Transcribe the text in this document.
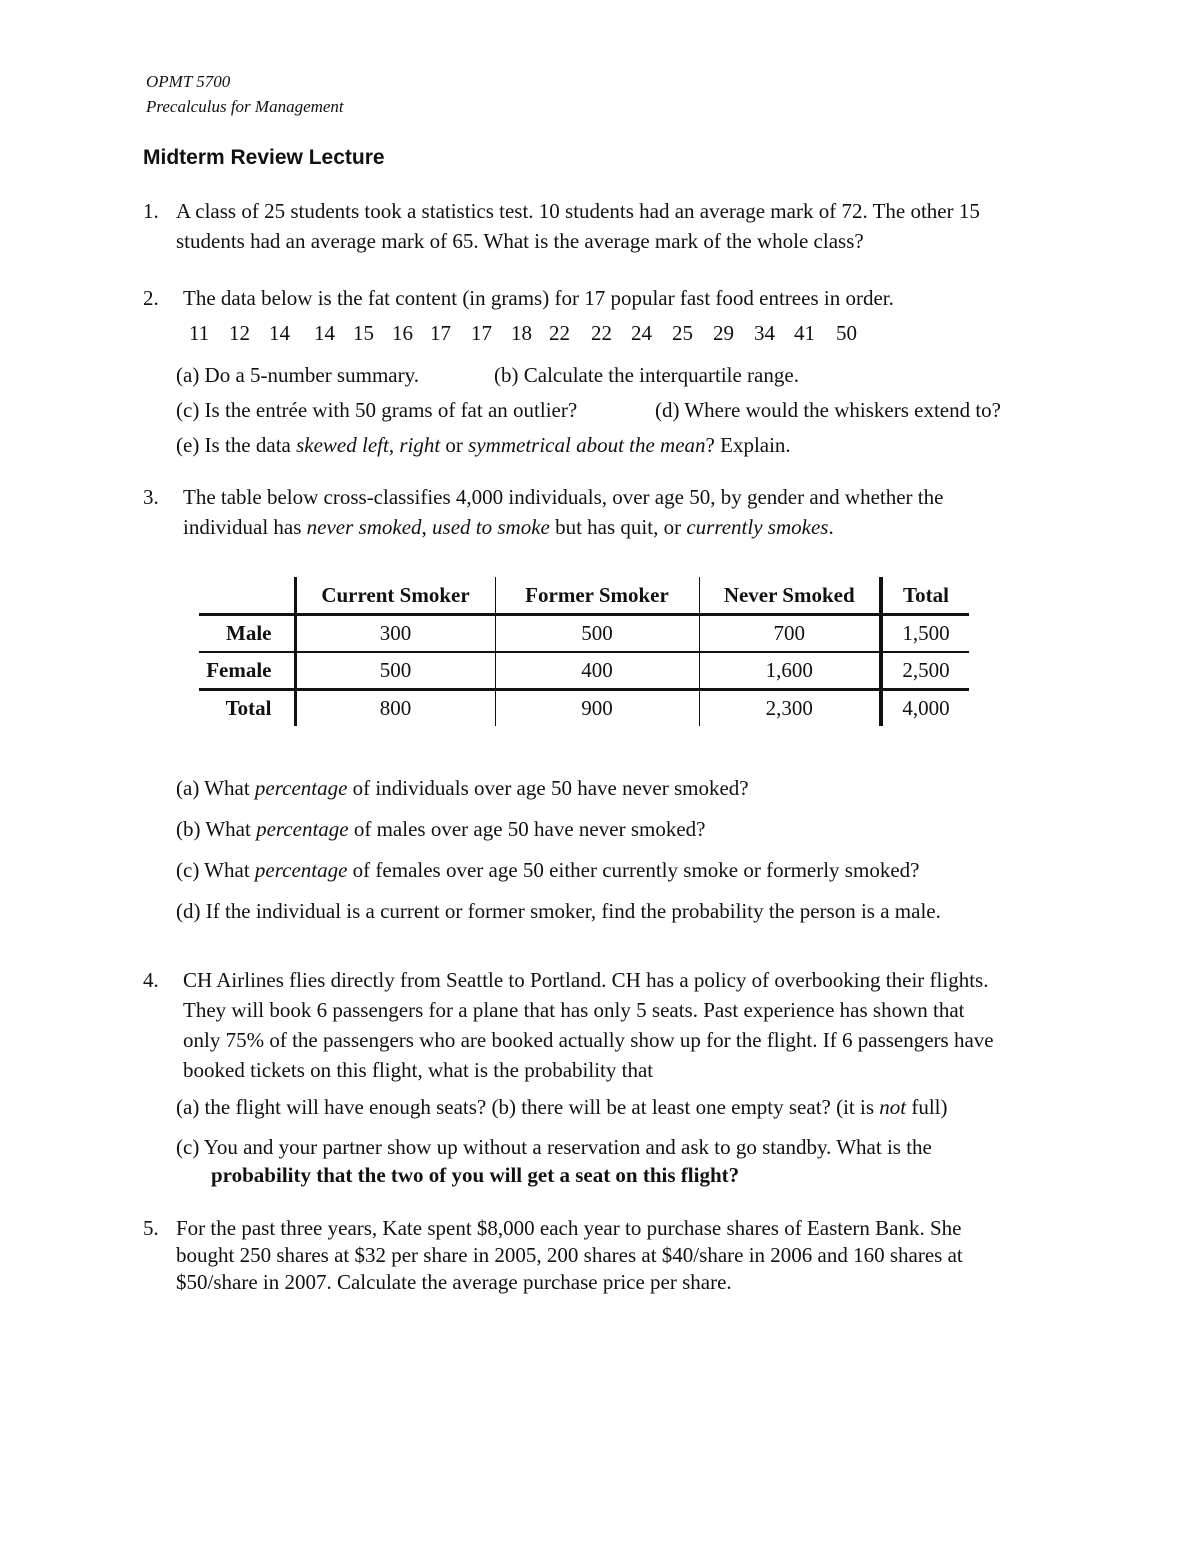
OPMT 5700
Precalculus for Management
Midterm Review Lecture
1. A class of 25 students took a statistics test. 10 students had an average mark of 72. The other 15
students had an average mark of 65. What is the average mark of the whole class?
2. The data below is the fat content (in grams) for 17 popular fast food entrees in order.
11 12 14 14 15 16 17 17 18 22 22 24 25 29 34 41 50
(a) Do a 5-number summary.	(b) Calculate the interquartile range.
(c) Is the entrée with 50 grams of fat an outlier?	(d) Where would the whiskers extend to?
(e) Is the data skewed left, right or symmetrical about the mean? Explain.
3. The table below cross-classifies 4,000 individuals, over age 50, by gender and whether the
individual has never smoked, used to smoke but has quit, or currently smokes.
	Current Smoker	Former Smoker	Never Smoked	Total
Male	300	500	700	1,500
Female	500	400	1,600	2,500
Total	800	900	2,300	4,000
(a) What percentage of individuals over age 50 have never smoked?
(b) What percentage of males over age 50 have never smoked?
(c) What percentage of females over age 50 either currently smoke or formerly smoked?
(d) If the individual is a current or former smoker, find the probability the person is a male.
4. CH Airlines flies directly from Seattle to Portland. CH has a policy of overbooking their flights.
They will book 6 passengers for a plane that has only 5 seats. Past experience has shown that
only 75% of the passengers who are booked actually show up for the flight. If 6 passengers have
booked tickets on this flight, what is the probability that
(a) the flight will have enough seats? (b) there will be at least one empty seat? (it is not full)
(c) You and your partner show up without a reservation and ask to go standby. What is the
probability that the two of you will get a seat on this flight?
5. For the past three years, Kate spent $8,000 each year to purchase shares of Eastern Bank. She
bought 250 shares at $32 per share in 2005, 200 shares at $40/share in 2006 and 160 shares at
$50/share in 2007. Calculate the average purchase price per share.
